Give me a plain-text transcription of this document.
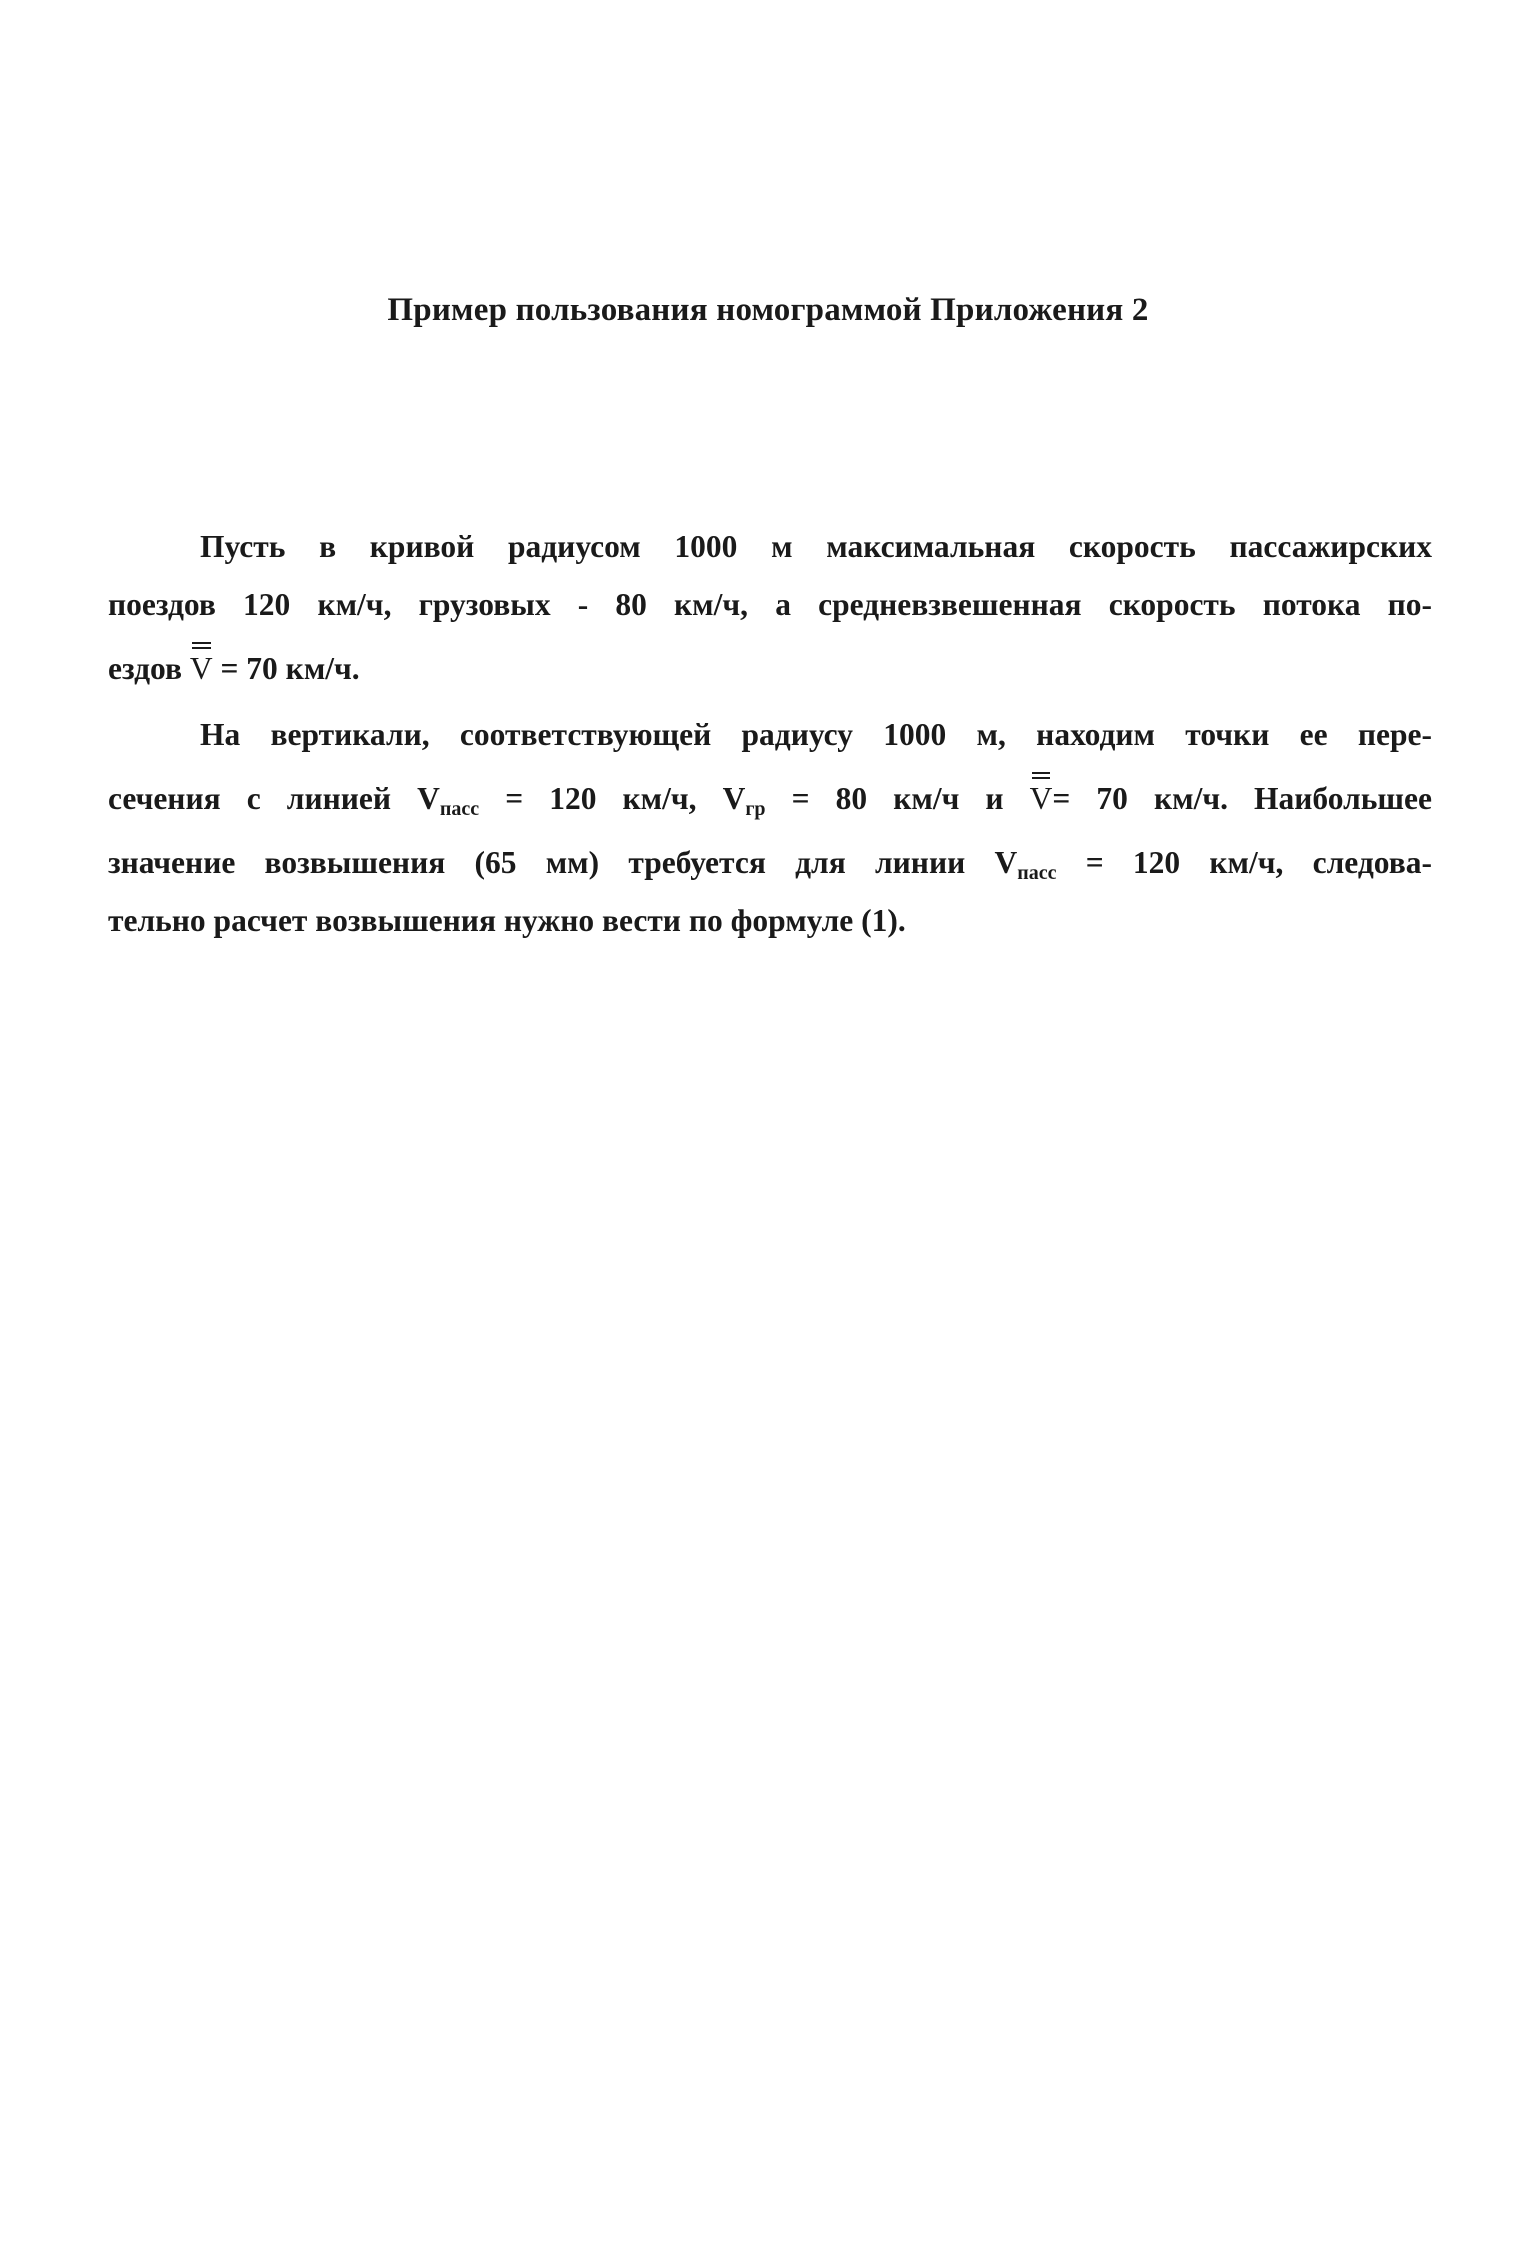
Пример пользования номограммой Приложения 2
Пусть в кривой радиусом 1000 м максимальная скорость пассажирских
поездов 120 км/ч, грузовых - 80 км/ч, а средневзвешенная скорость потока по-
ездов V = 70 км/ч.
На вертикали, соответствующей радиусу 1000 м, находим точки ее пере-
сечения с линией $V_{пасс} = 120$ км/ч, $V_{гр} = 80$ км/ч и V= 70 км/ч. Наибольшее
значение возвышения (65 мм) требуется для линии $V_{пасс} = 120$ км/ч, следова-
тельно расчет возвышения нужно вести по формуле (1).
